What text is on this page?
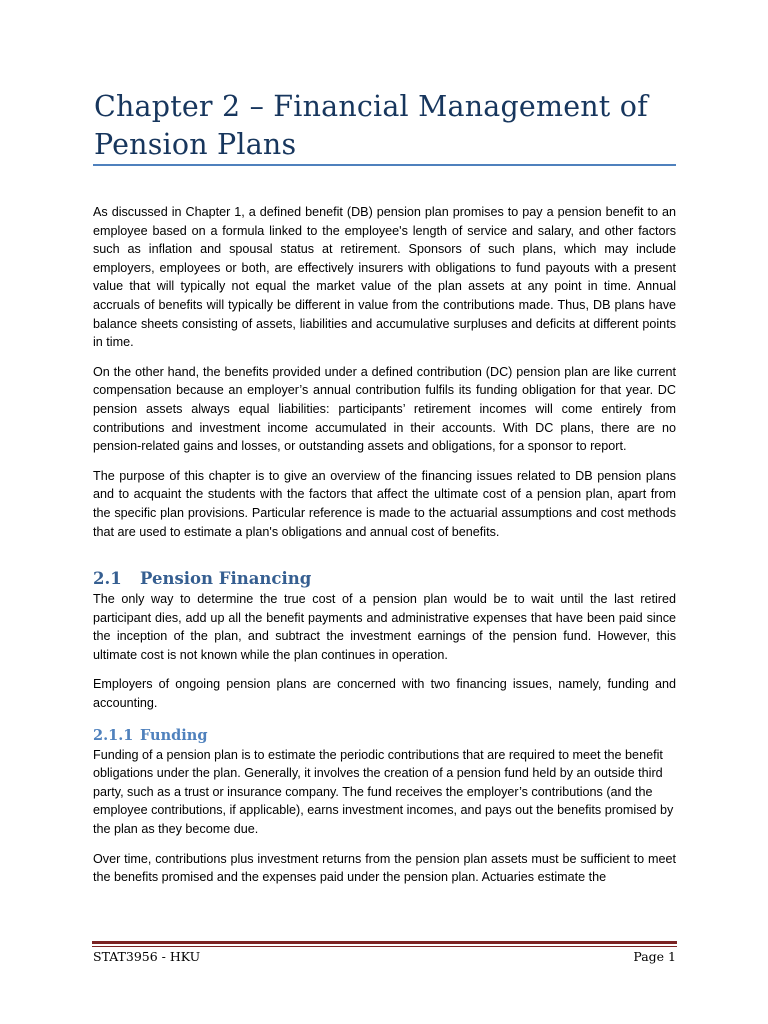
Chapter 2 – Financial Management of Pension Plans

As discussed in Chapter 1, a defined benefit (DB) pension plan promises to pay a pension benefit to an employee based on a formula linked to the employee's length of service and salary, and other factors such as inflation and spousal status at retirement. Sponsors of such plans, which may include employers, employees or both, are effectively insurers with obligations to fund payouts with a present value that will typically not equal the market value of the plan assets at any point in time. Annual accruals of benefits will typically be different in value from the contributions made. Thus, DB plans have balance sheets consisting of assets, liabilities and accumulative surpluses and deficits at different points in time.

On the other hand, the benefits provided under a defined contribution (DC) pension plan are like current compensation because an employer’s annual contribution fulfils its funding obligation for that year. DC pension assets always equal liabilities: participants’ retirement incomes will come entirely from contributions and investment income accumulated in their accounts. With DC plans, there are no pension-related gains and losses, or outstanding assets and obligations, for a sponsor to report.

The purpose of this chapter is to give an overview of the financing issues related to DB pension plans and to acquaint the students with the factors that affect the ultimate cost of a pension plan, apart from the specific plan provisions. Particular reference is made to the actuarial assumptions and cost methods that are used to estimate a plan's obligations and annual cost of benefits.

2.1 Pension Financing

The only way to determine the true cost of a pension plan would be to wait until the last retired participant dies, add up all the benefit payments and administrative expenses that have been paid since the inception of the plan, and subtract the investment earnings of the pension fund. However, this ultimate cost is not known while the plan continues in operation.

Employers of ongoing pension plans are concerned with two financing issues, namely, funding and accounting.

2.1.1 Funding

Funding of a pension plan is to estimate the periodic contributions that are required to meet the benefit obligations under the plan. Generally, it involves the creation of a pension fund held by an outside third party, such as a trust or insurance company. The fund receives the employer’s contributions (and the employee contributions, if applicable), earns investment incomes, and pays out the benefits promised by the plan as they become due.

Over time, contributions plus investment returns from the pension plan assets must be sufficient to meet the benefits promised and the expenses paid under the pension plan. Actuaries estimate the

STAT3956 - HKU	Page 1
